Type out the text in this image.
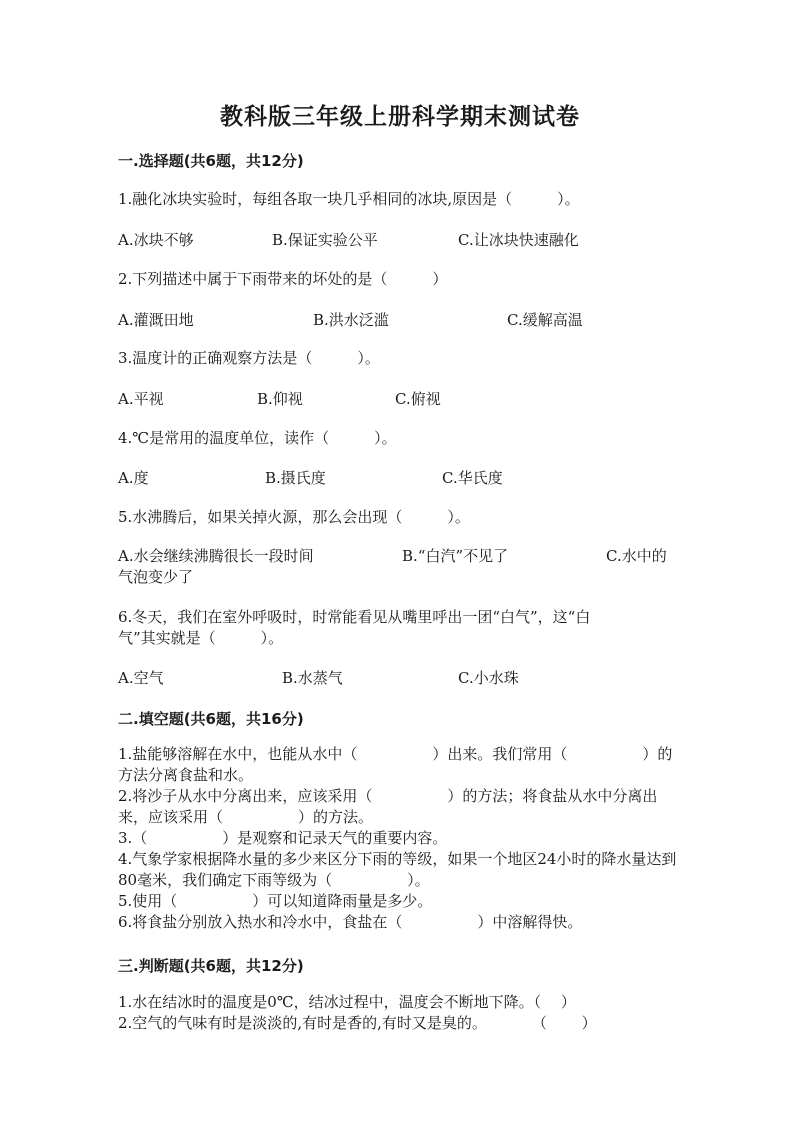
教科版三年级上册科学期末测试卷
一.选择题(共6题，共12分)
1.融化冰块实验时，每组各取一块几乎相同的冰块,原因是（　　　）。
A.冰块不够	B.保证实验公平	C.让冰块快速融化
2.下列描述中属于下雨带来的坏处的是（　　　）
A.灌溉田地	B.洪水泛滥	C.缓解高温
3.温度计的正确观察方法是（　　　）。
A.平视	B.仰视	C.俯视
4.℃是常用的温度单位，读作（　　　）。
A.度	B.摄氏度	C.华氏度
5.水沸腾后，如果关掉火源，那么会出现（　　　）。
A.水会继续沸腾很长一段时间	B.“白汽”不见了	C.水中的
气泡变少了
6.冬天，我们在室外呼吸时，时常能看见从嘴里呼出一团“白气”，这“白
气”其实就是（　　　）。
A.空气	B.水蒸气	C.小水珠
二.填空题(共6题，共16分)
1.盐能够溶解在水中，也能从水中（　　　　　）出来。我们常用（　　　　　）的方法分离食盐和水。
2.将沙子从水中分离出来，应该采用（　　　　　）的方法；将食盐从水中分离出来，应该采用（　　　　　）的方法。
3.（　　　　　）是观察和记录天气的重要内容。
4.气象学家根据降水量的多少来区分下雨的等级，如果一个地区24小时的降水量达到80毫米，我们确定下雨等级为（　　　　　）。
5.使用（　　　　　）可以知道降雨量是多少。
6.将食盐分别放入热水和冷水中，食盐在（　　　　　）中溶解得快。
三.判断题(共6题，共12分)
1.水在结冰时的温度是0℃，结冰过程中，温度会不断地下降。（　 ）
2.空气的气味有时是淡淡的,有时是香的,有时又是臭的。　　　　（　　 ）
